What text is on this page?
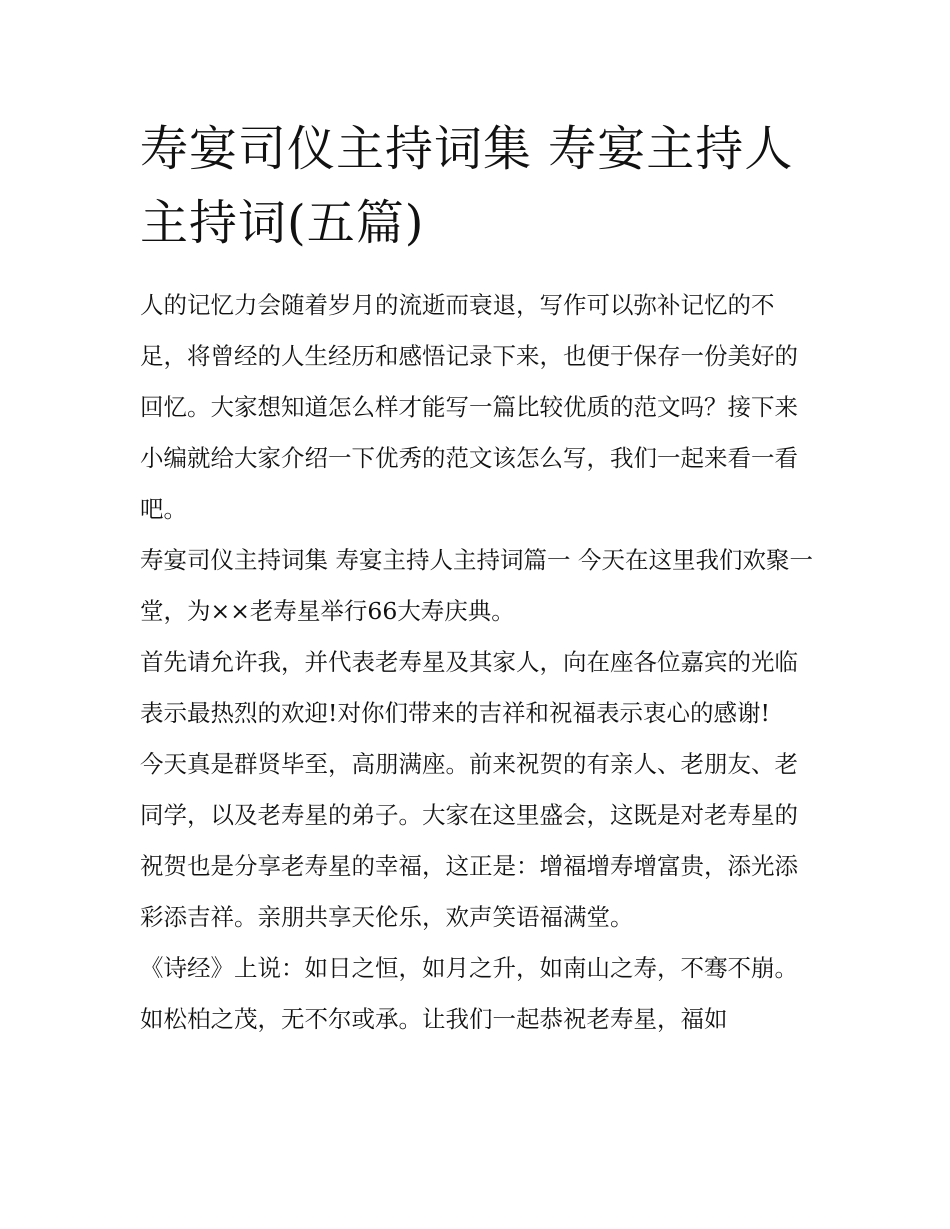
寿宴司仪主持词集 寿宴主持人主持词(五篇)

人的记忆力会随着岁月的流逝而衰退，写作可以弥补记忆的不足，将曾经的人生经历和感悟记录下来，也便于保存一份美好的回忆。大家想知道怎么样才能写一篇比较优质的范文吗？接下来小编就给大家介绍一下优秀的范文该怎么写，我们一起来看一看吧。

寿宴司仪主持词集 寿宴主持人主持词篇一 今天在这里我们欢聚一堂，为××老寿星举行66大寿庆典。

首先请允许我，并代表老寿星及其家人，向在座各位嘉宾的光临表示最热烈的欢迎!对你们带来的吉祥和祝福表示衷心的感谢!

今天真是群贤毕至，高朋满座。前来祝贺的有亲人、老朋友、老同学，以及老寿星的弟子。大家在这里盛会，这既是对老寿星的祝贺也是分享老寿星的幸福，这正是：增福增寿增富贵，添光添彩添吉祥。亲朋共享天伦乐，欢声笑语福满堂。

《诗经》上说：如日之恒，如月之升，如南山之寿，不骞不崩。如松柏之茂，无不尔或承。让我们一起恭祝老寿星，福如
